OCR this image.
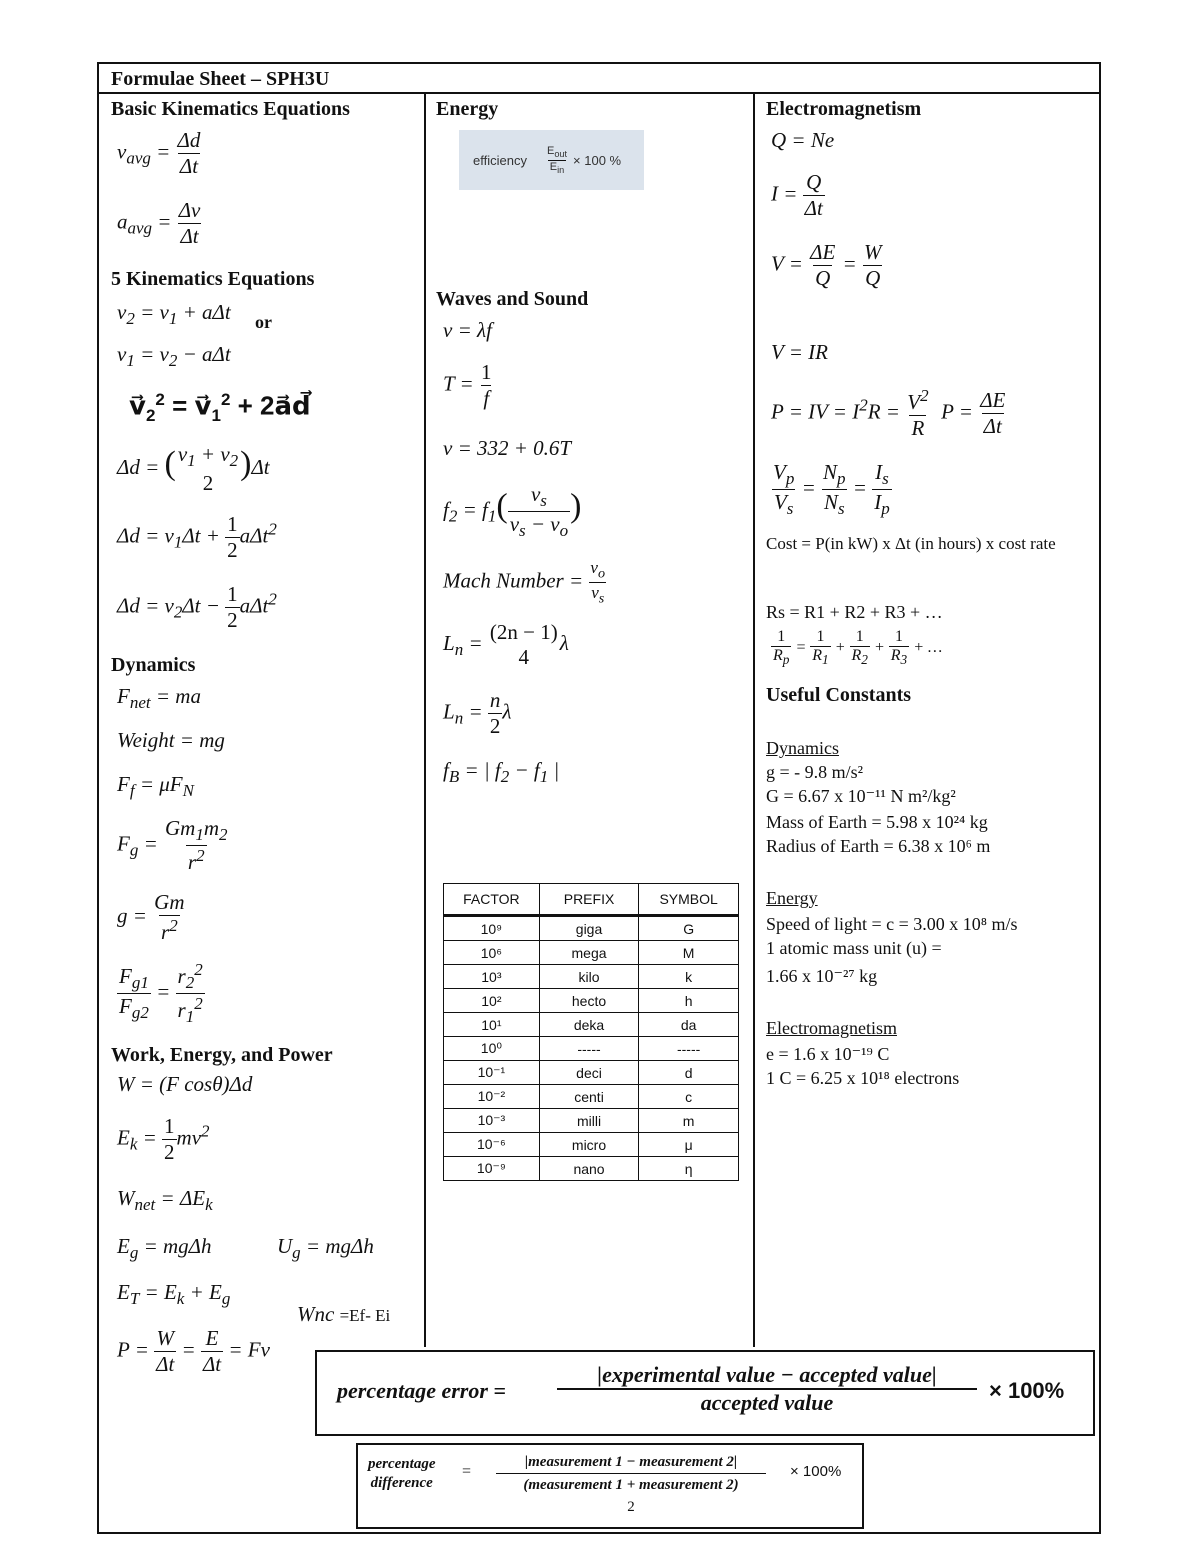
Formulae Sheet – SPH3U
Basic Kinematics Equations
$v_{avg} = \frac{\Delta d}{\Delta t}$
$a_{avg} = \frac{\Delta v}{\Delta t}$
5 Kinematics Equations
$v_2 = v_1 + a\Delta t$ or
$v_1 = v_2 - a\Delta t$
$v⃗_2^2$ = $v⃗_1^2$ + 2a⃗d⃗
Δd = ( $v_1 + v_2$
2
)Δt
$\Delta d = v_1\Delta t + \frac{1}{2} a\Delta t^2$
$\Delta d = v_2\Delta t - \frac{1}{2} a\Delta t^2$
Dynamics
$F_{net}$ = ma
Weight = mg
$F_f = \mu F_N$
$F_g = \frac{Gm_1m_2}{r^2}$
$g = \frac{Gm}{r^2}$
$\frac{F_{g1}}{F_{g2}} = \frac{r_2^2}{r_1^2}$
Work, Energy, and Power
W = (F cosθ)Δd
$E_k = \frac{1}{2} mv^2$
$W_{net} = \Delta E_k$
$E_g = mg\Delta h$	$U_g = mg\Delta h$
$E_T = E_k + E_g$
Wnc =Ef- Ei
$P = \frac{W}{\Delta t} = \frac{E}{\Delta t} = Fv$
Energy
efficiency $\frac{E_{out}}{E_{in}} \times 100$ %
Waves and Sound
v = λf
$T = \frac{1}{f}$
v = 332 + 0.6T
$f_2 = f_1( \frac{v_s}{v_s - v_o}$ )
Mach Number = $\frac{v_o}{v_s}$
$L_n = (2n - 1)$
4
λ
$L_n = \frac{n}{2}$ λ
$f_B$ = | $f_2 - f_1$ |
FACTOR	PREFIX	SYMBOL
10⁹	giga	G
10⁶	mega	M
10³	kilo	k
10²	hecto	h
10¹	deka	da
10⁰	-----	-----
10⁻¹	deci	d
10⁻²	centi	c
10⁻³	milli	m
10⁻⁶	micro	μ
10⁻⁹	nano	η
Electromagnetism
Q = Ne
$I = \frac{Q}{\Delta t}$
$V = \frac{\Delta E}{Q} = \frac{W}{Q}$
V = IR
P = IV = $I^2R = \frac{V^2}{R}$ $P = \frac{\Delta E}{\Delta t}$
$\frac{V_p}{V_s} = \frac{N_p}{N_s} = \frac{I_s}{I_p}$
Cost = P(in kW) x Δt (in hours) x cost rate
Rs = R1 + R2 + R3 + …
$\frac{1}{R_p} = \frac{1}{R_1} + \frac{1}{R_2} + \frac{1}{R_3}$ + …
Useful Constants
Dynamics
g = - 9.8 m/s²
G = 6.67 x 10⁻¹¹ N m²/kg²
Mass of Earth = 5.98 x 10²⁴ kg
Radius of Earth = 6.38 x 10⁶ m
Energy
Speed of light = c = 3.00 x 10⁸ m/s
1 atomic mass unit (u) =
1.66 x 10⁻²⁷ kg
Electromagnetism
e = 1.6 x 10⁻¹⁹ C
1 C = 6.25 x 10¹⁸ electrons
percentage error =
|experimental value − accepted value|
accepted value	× 100%
percentage
difference
=
|measurement 1 − measurement 2|
(measurement 1 + measurement 2)
2
× 100%
